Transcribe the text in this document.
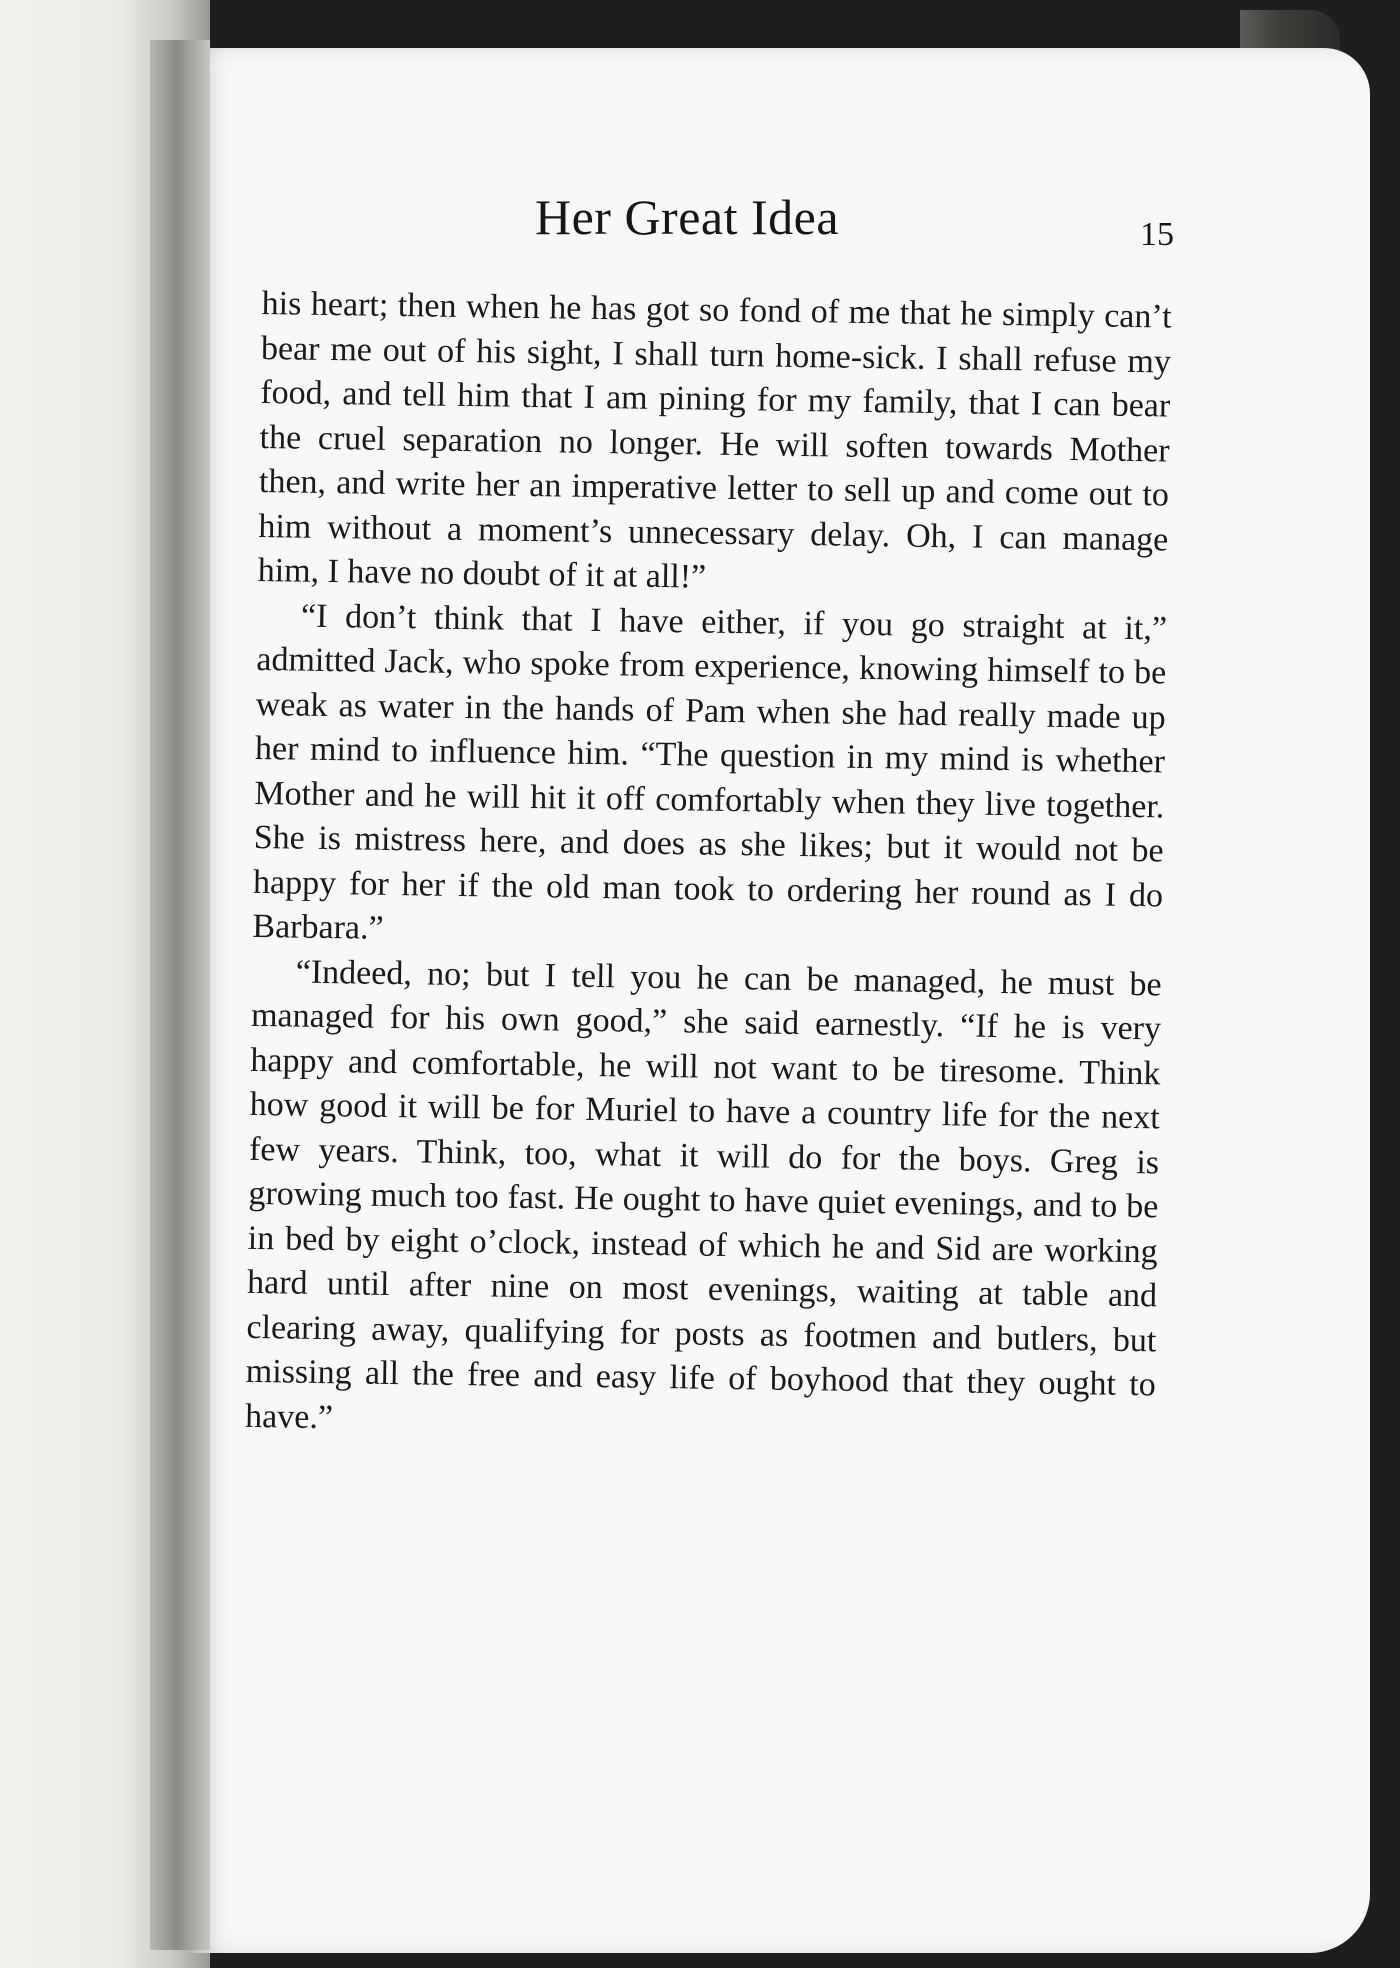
Her Great Idea	15

his heart; then when he has got so fond of me that he simply can’t bear me out of his sight, I shall turn home-sick. I shall refuse my food, and tell him that I am pining for my family, that I can bear the cruel separation no longer. He will soften towards Mother then, and write her an imperative letter to sell up and come out to him without a moment’s unnecessary delay. Oh, I can manage him, I have no doubt of it at all!”

“I don’t think that I have either, if you go straight at it,” admitted Jack, who spoke from experience, knowing himself to be weak as water in the hands of Pam when she had really made up her mind to influence him. “The question in my mind is whether Mother and he will hit it off comfortably when they live together. She is mistress here, and does as she likes; but it would not be happy for her if the old man took to ordering her round as I do Barbara.”

“Indeed, no; but I tell you he can be managed, he must be managed for his own good,” she said earnestly. “If he is very happy and comfortable, he will not want to be tiresome. Think how good it will be for Muriel to have a country life for the next few years. Think, too, what it will do for the boys. Greg is growing much too fast. He ought to have quiet evenings, and to be in bed by eight o’clock, instead of which he and Sid are working hard until after nine on most evenings, waiting at table and clearing away, qualifying for posts as footmen and butlers, but missing all the free and easy life of boyhood that they ought to have.”
